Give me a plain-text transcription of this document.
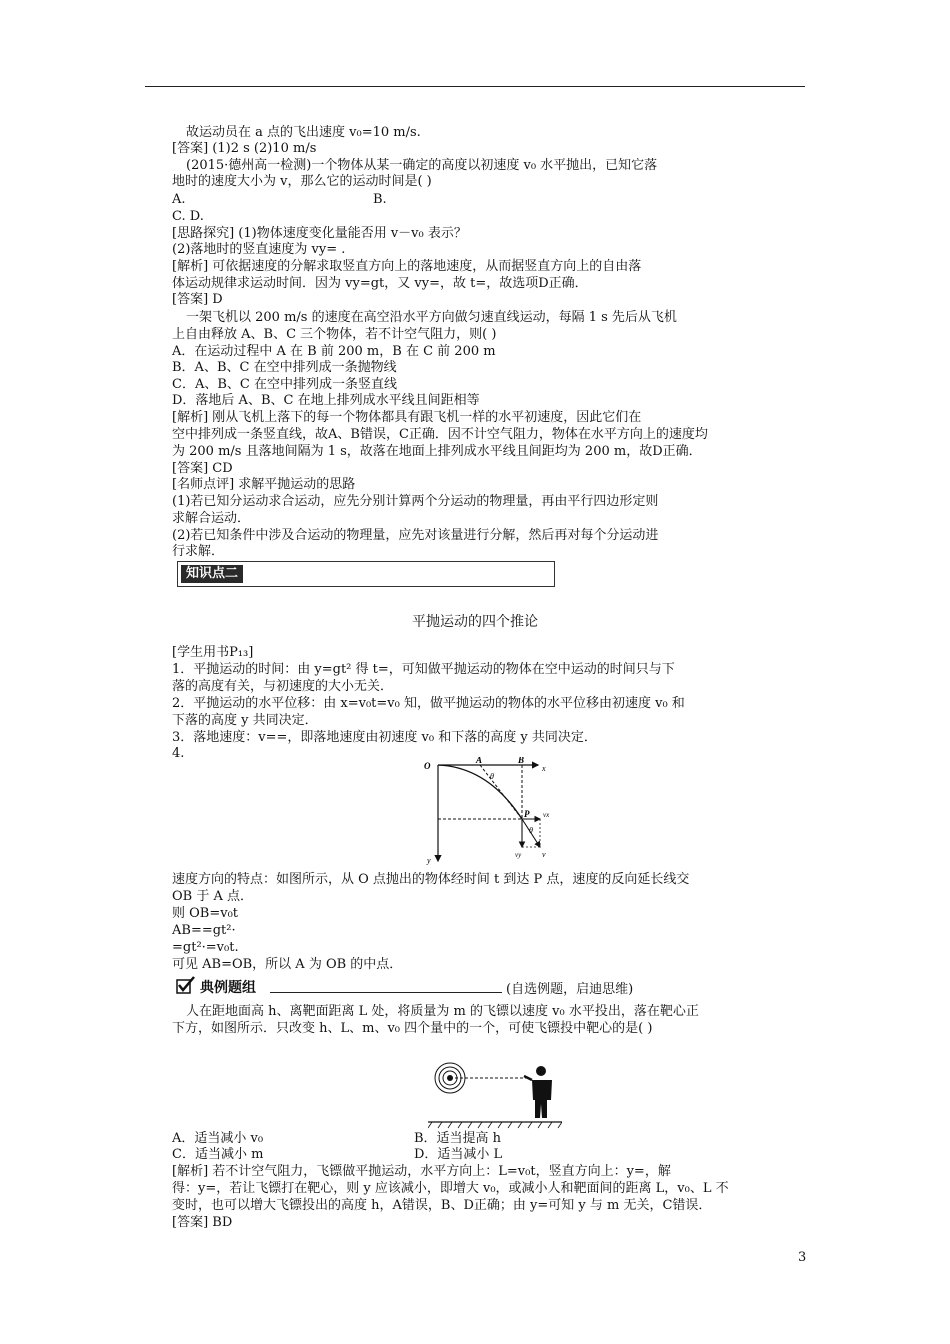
故运动员在 a 点的飞出速度 v₀=10 m/s.
[答案] (1)2 s (2)10 m/s
(2015·德州高一检测)一个物体从某一确定的高度以初速度 v₀ 水平抛出，已知它落
地时的速度大小为 v，那么它的运动时间是( )
A.	B.
C. D.
[思路探究] (1)物体速度变化量能否用 v－v₀ 表示？
(2)落地时的竖直速度为 vy= .
[解析] 可依据速度的分解求取竖直方向上的落地速度，从而据竖直方向上的自由落
体运动规律求运动时间．因为 vy=gt，又 vy=，故 t=，故选项D正确．
[答案] D
一架飞机以 200 m/s 的速度在高空沿水平方向做匀速直线运动，每隔 1 s 先后从飞机
上自由释放 A、B、C 三个物体，若不计空气阻力，则( )
A．在运动过程中 A 在 B 前 200 m，B 在 C 前 200 m
B．A、B、C 在空中排列成一条抛物线
C．A、B、C 在空中排列成一条竖直线
D．落地后 A、B、C 在地上排列成水平线且间距相等
[解析] 刚从飞机上落下的每一个物体都具有跟飞机一样的水平初速度，因此它们在
空中排列成一条竖直线，故A、B错误，C正确．因不计空气阻力，物体在水平方向上的速度均
为 200 m/s 且落地间隔为 1 s，故落在地面上排列成水平线且间距均为 200 m，故D正确．
[答案] CD
[名师点评] 求解平抛运动的思路
(1)若已知分运动求合运动，应先分别计算两个分运动的物理量，再由平行四边形定则
求解合运动．
(2)若已知条件中涉及合运动的物理量，应先对该量进行分解，然后再对每个分运动进
行求解．
知识点二
平抛运动的四个推论
[学生用书P₁₃]
1．平抛运动的时间：由 y=gt² 得 t=，可知做平抛运动的物体在空中运动的时间只与下
落的高度有关，与初速度的大小无关．
2．平抛运动的水平位移：由 x=v₀t=v₀ 知，做平抛运动的物体的水平位移由初速度 v₀ 和
下落的高度 y 共同决定．
3．落地速度：v==，即落地速度由初速度 v₀ 和下落的高度 y 共同决定．
4.
O
A	B
x
y
P
θ
θ
vx
vy	v
速度方向的特点：如图所示，从 O 点抛出的物体经时间 t 到达 P 点，速度的反向延长线交
OB 于 A 点．
则 OB=v₀t
AB==gt²·
=gt²·=v₀t.
可见 AB=OB，所以 A 为 OB 的中点．
典例题组	(自选例题，启迪思维)
人在距地面高 h、离靶面距离 L 处，将质量为 m 的飞镖以速度 v₀ 水平投出，落在靶心正
下方，如图所示．只改变 h、L、m、v₀ 四个量中的一个，可使飞镖投中靶心的是( )
A．适当减小 v₀	B．适当提高 h
C．适当减小 m	D．适当减小 L
[解析] 若不计空气阻力，飞镖做平抛运动，水平方向上：L=v₀t，竖直方向上：y=，解
得：y=，若让飞镖打在靶心，则 y 应该减小，即增大 v₀，或减小人和靶面间的距离 L，v₀、L 不
变时，也可以增大飞镖投出的高度 h，A错误，B、D正确；由 y=可知 y 与 m 无关，C错误．
[答案] BD
3
